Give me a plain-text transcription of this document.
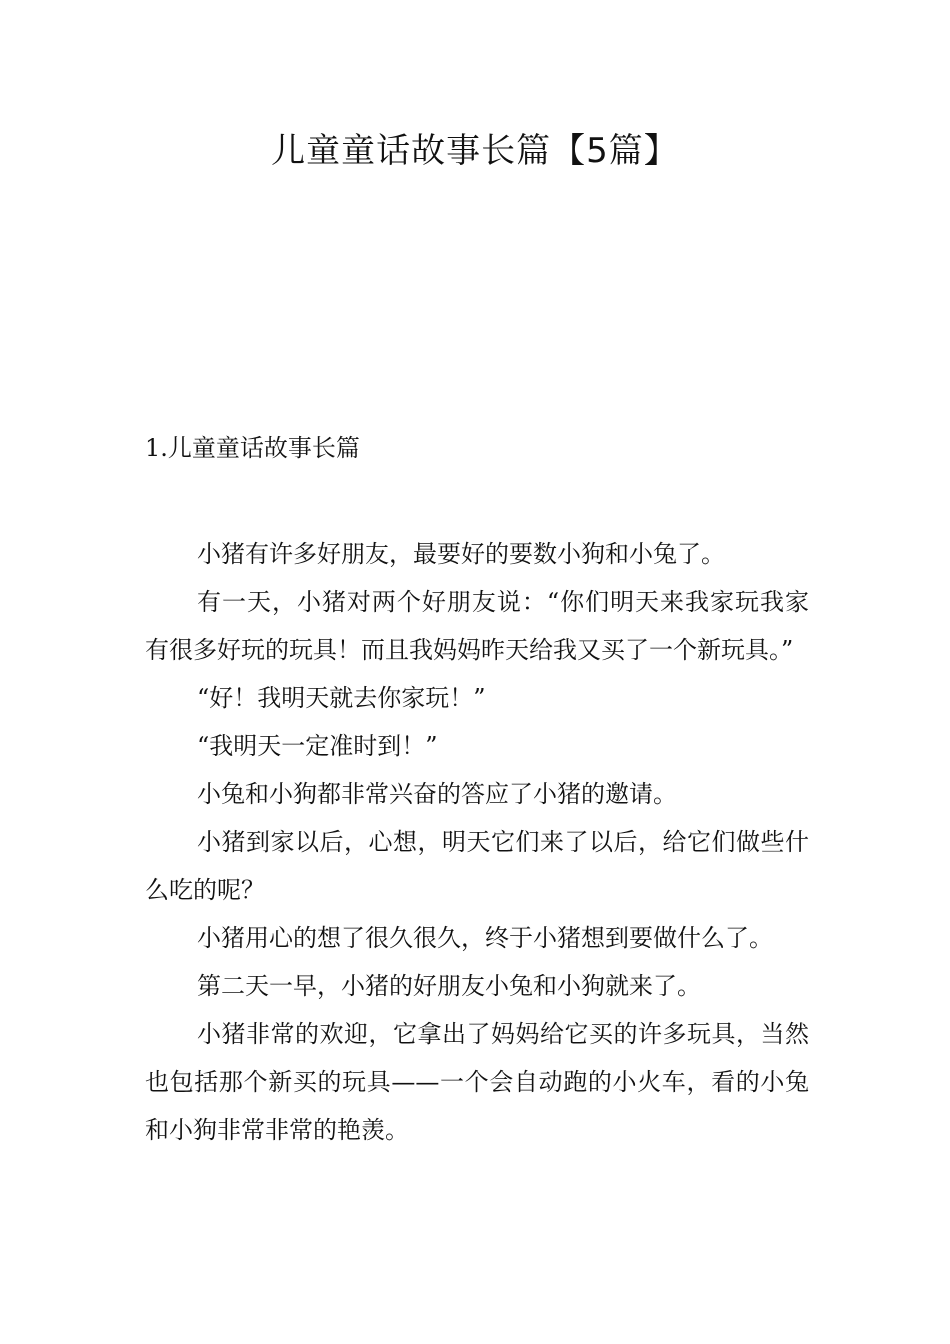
儿童童话故事长篇【5篇】
1.儿童童话故事长篇

小猪有许多好朋友，最要好的要数小狗和小兔了。

有一天，小猪对两个好朋友说：“你们明天来我家玩我家有很多好玩的玩具！而且我妈妈昨天给我又买了一个新玩具。”

“好！我明天就去你家玩！”

“我明天一定准时到！”

小兔和小狗都非常兴奋的答应了小猪的邀请。

小猪到家以后，心想，明天它们来了以后，给它们做些什么吃的呢？

小猪用心的想了很久很久，终于小猪想到要做什么了。

第二天一早，小猪的好朋友小兔和小狗就来了。

小猪非常的欢迎，它拿出了妈妈给它买的许多玩具，当然也包括那个新买的玩具——一个会自动跑的小火车，看的小兔和小狗非常非常的艳羡。
